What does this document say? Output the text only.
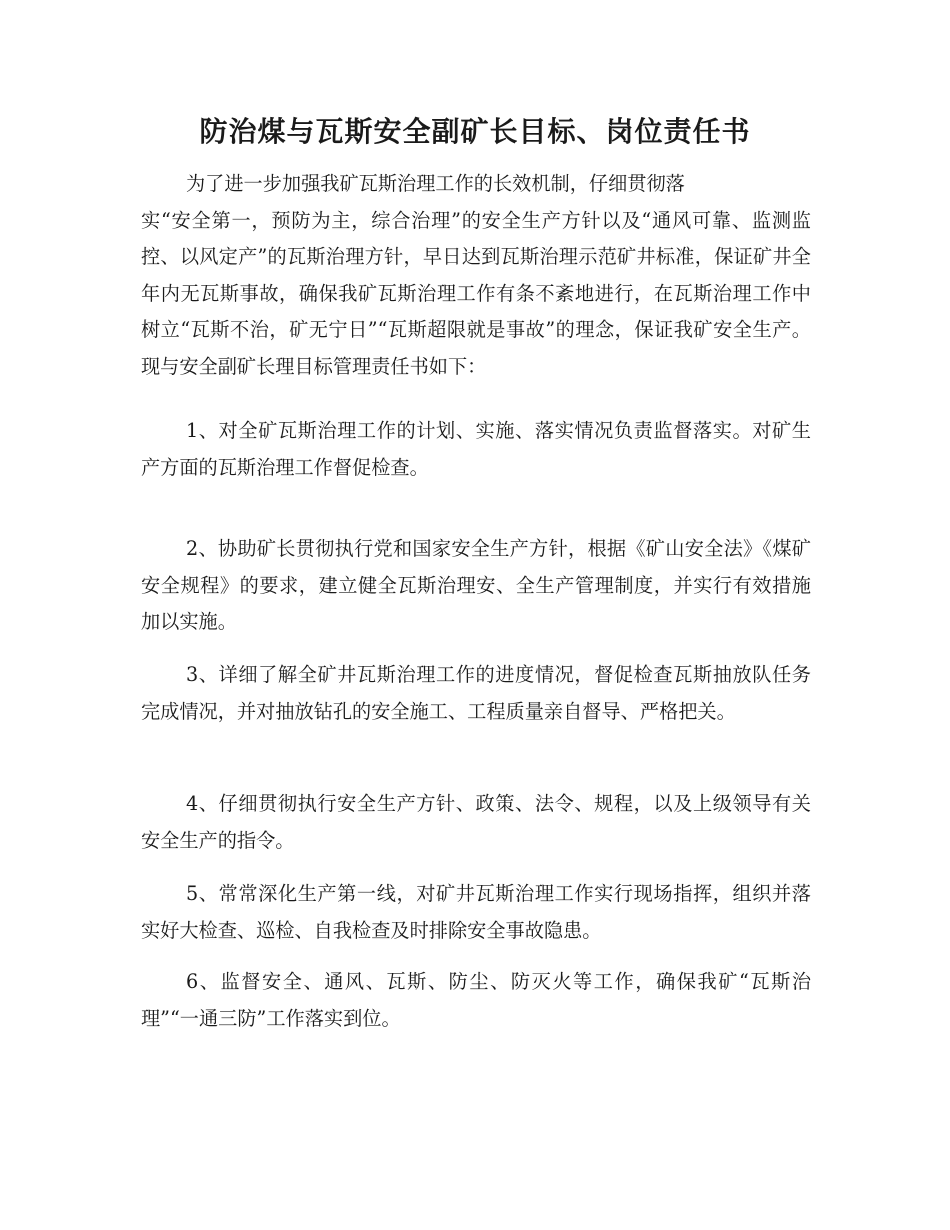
防治煤与瓦斯安全副矿长目标、岗位责任书

为了进一步加强我矿瓦斯治理工作的长效机制，仔细贯彻落
实“安全第一，预防为主，综合治理”的安全生产方针以及“通风可靠、监测监控、以风定产”的瓦斯治理方针，早日达到瓦斯治理示范矿井标准，保证矿井全年内无瓦斯事故，确保我矿瓦斯治理工作有条不紊地进行，在瓦斯治理工作中树立“瓦斯不治，矿无宁日”“瓦斯超限就是事故”的理念，保证我矿安全生产。现与安全副矿长理目标管理责任书如下：

1、对全矿瓦斯治理工作的计划、实施、落实情况负责监督落实。对矿生产方面的瓦斯治理工作督促检查。

2、协助矿长贯彻执行党和国家安全生产方针，根据《矿山安全法》《煤矿安全规程》的要求，建立健全瓦斯治理安、全生产管理制度，并实行有效措施加以实施。

3、详细了解全矿井瓦斯治理工作的进度情况，督促检查瓦斯抽放队任务完成情况，并对抽放钻孔的安全施工、工程质量亲自督导、严格把关。

4、仔细贯彻执行安全生产方针、政策、法令、规程，以及上级领导有关安全生产的指令。

5、常常深化生产第一线，对矿井瓦斯治理工作实行现场指挥，组织并落实好大检查、巡检、自我检查及时排除安全事故隐患。

6、监督安全、通风、瓦斯、防尘、防灭火等工作，确保我矿“瓦斯治理”“一通三防”工作落实到位。
